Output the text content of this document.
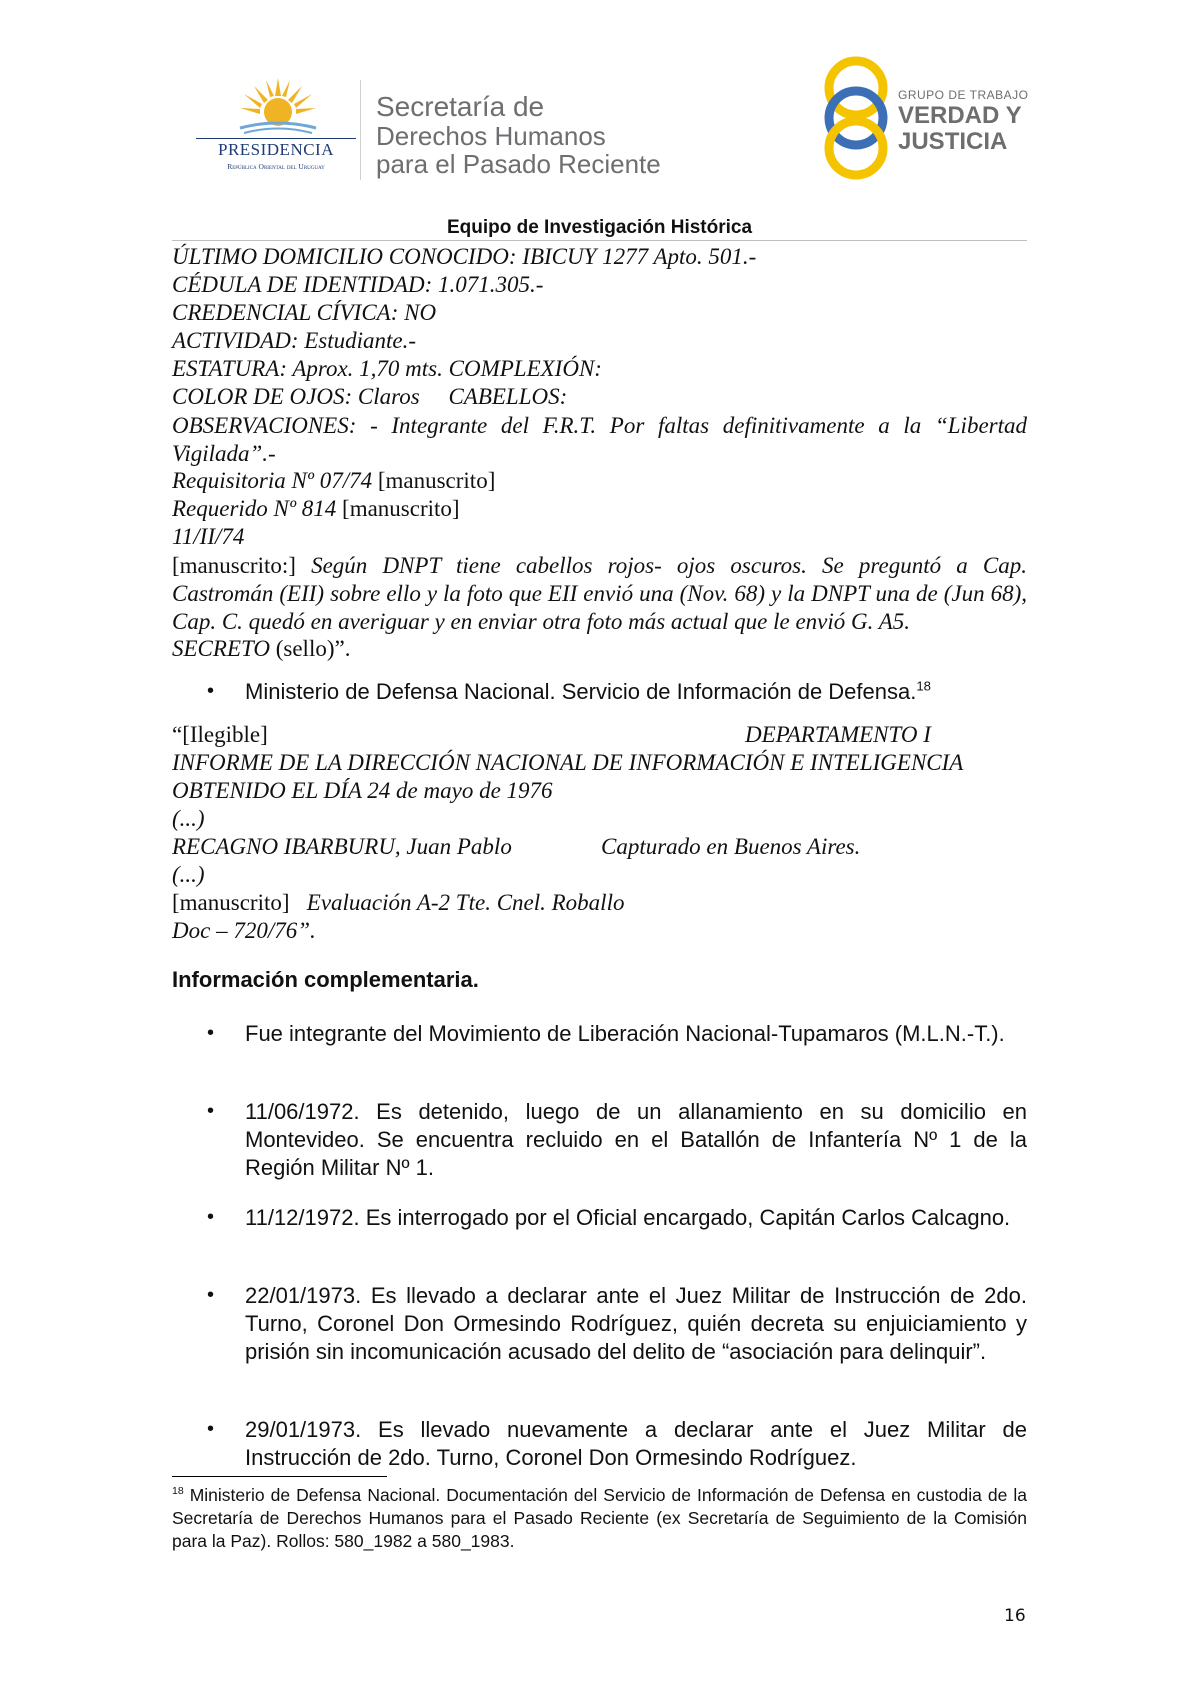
PRESIDENCIA
República Oriental del Uruguay
Secretaría de
Derechos Humanos
para el Pasado Reciente
GRUPO DE TRABAJO
VERDAD Y
JUSTICIA
Equipo de Investigación Histórica
ÚLTIMO DOMICILIO CONOCIDO: IBICUY 1277 Apto. 501.-
CÉDULA DE IDENTIDAD: 1.071.305.-
CREDENCIAL CÍVICA: NO
ACTIVIDAD: Estudiante.-
ESTATURA: Aprox. 1,70 mts. COMPLEXIÓN:
COLOR DE OJOS: Claros CABELLOS:
OBSERVACIONES: - Integrante del F.R.T. Por faltas definitivamente a la “Libertad Vigilada”.-
Requisitoria Nº 07/74 [manuscrito]
Requerido Nº 814 [manuscrito]
11/II/74
[manuscrito:] Según DNPT tiene cabellos rojos- ojos oscuros. Se preguntó a Cap. Castromán (EII) sobre ello y la foto que EII envió una (Nov. 68) y la DNPT una de (Jun 68), Cap. C. quedó en averiguar y en enviar otra foto más actual que le envió G. A5.
SECRETO (sello)”.
• Ministerio de Defensa Nacional. Servicio de Información de Defensa.$^{18}$
“[Ilegible]	DEPARTAMENTO I
INFORME DE LA DIRECCIÓN NACIONAL DE INFORMACIÓN E INTELIGENCIA
OBTENIDO EL DÍA 24 de mayo de 1976
(...)
RECAGNO IBARBURU, Juan Pablo	Capturado en Buenos Aires.
(...)
[manuscrito] Evaluación A-2 Tte. Cnel. Roballo
Doc – 720/76”.
Información complementaria.
• Fue integrante del Movimiento de Liberación Nacional-Tupamaros (M.L.N.-T.).
• 11/06/1972. Es detenido, luego de un allanamiento en su domicilio en Montevideo. Se encuentra recluido en el Batallón de Infantería Nº 1 de la Región Militar Nº 1.
• 11/12/1972. Es interrogado por el Oficial encargado, Capitán Carlos Calcagno.
• 22/01/1973. Es llevado a declarar ante el Juez Militar de Instrucción de 2do. Turno, Coronel Don Ormesindo Rodríguez, quién decreta su enjuiciamiento y prisión sin incomunicación acusado del delito de “asociación para delinquir”.
• 29/01/1973. Es llevado nuevamente a declarar ante el Juez Militar de Instrucción de 2do. Turno, Coronel Don Ormesindo Rodríguez.
$^{18}$ Ministerio de Defensa Nacional. Documentación del Servicio de Información de Defensa en custodia de la Secretaría de Derechos Humanos para el Pasado Reciente (ex Secretaría de Seguimiento de la Comisión para la Paz). Rollos: 580_1982 a 580_1983.
16
